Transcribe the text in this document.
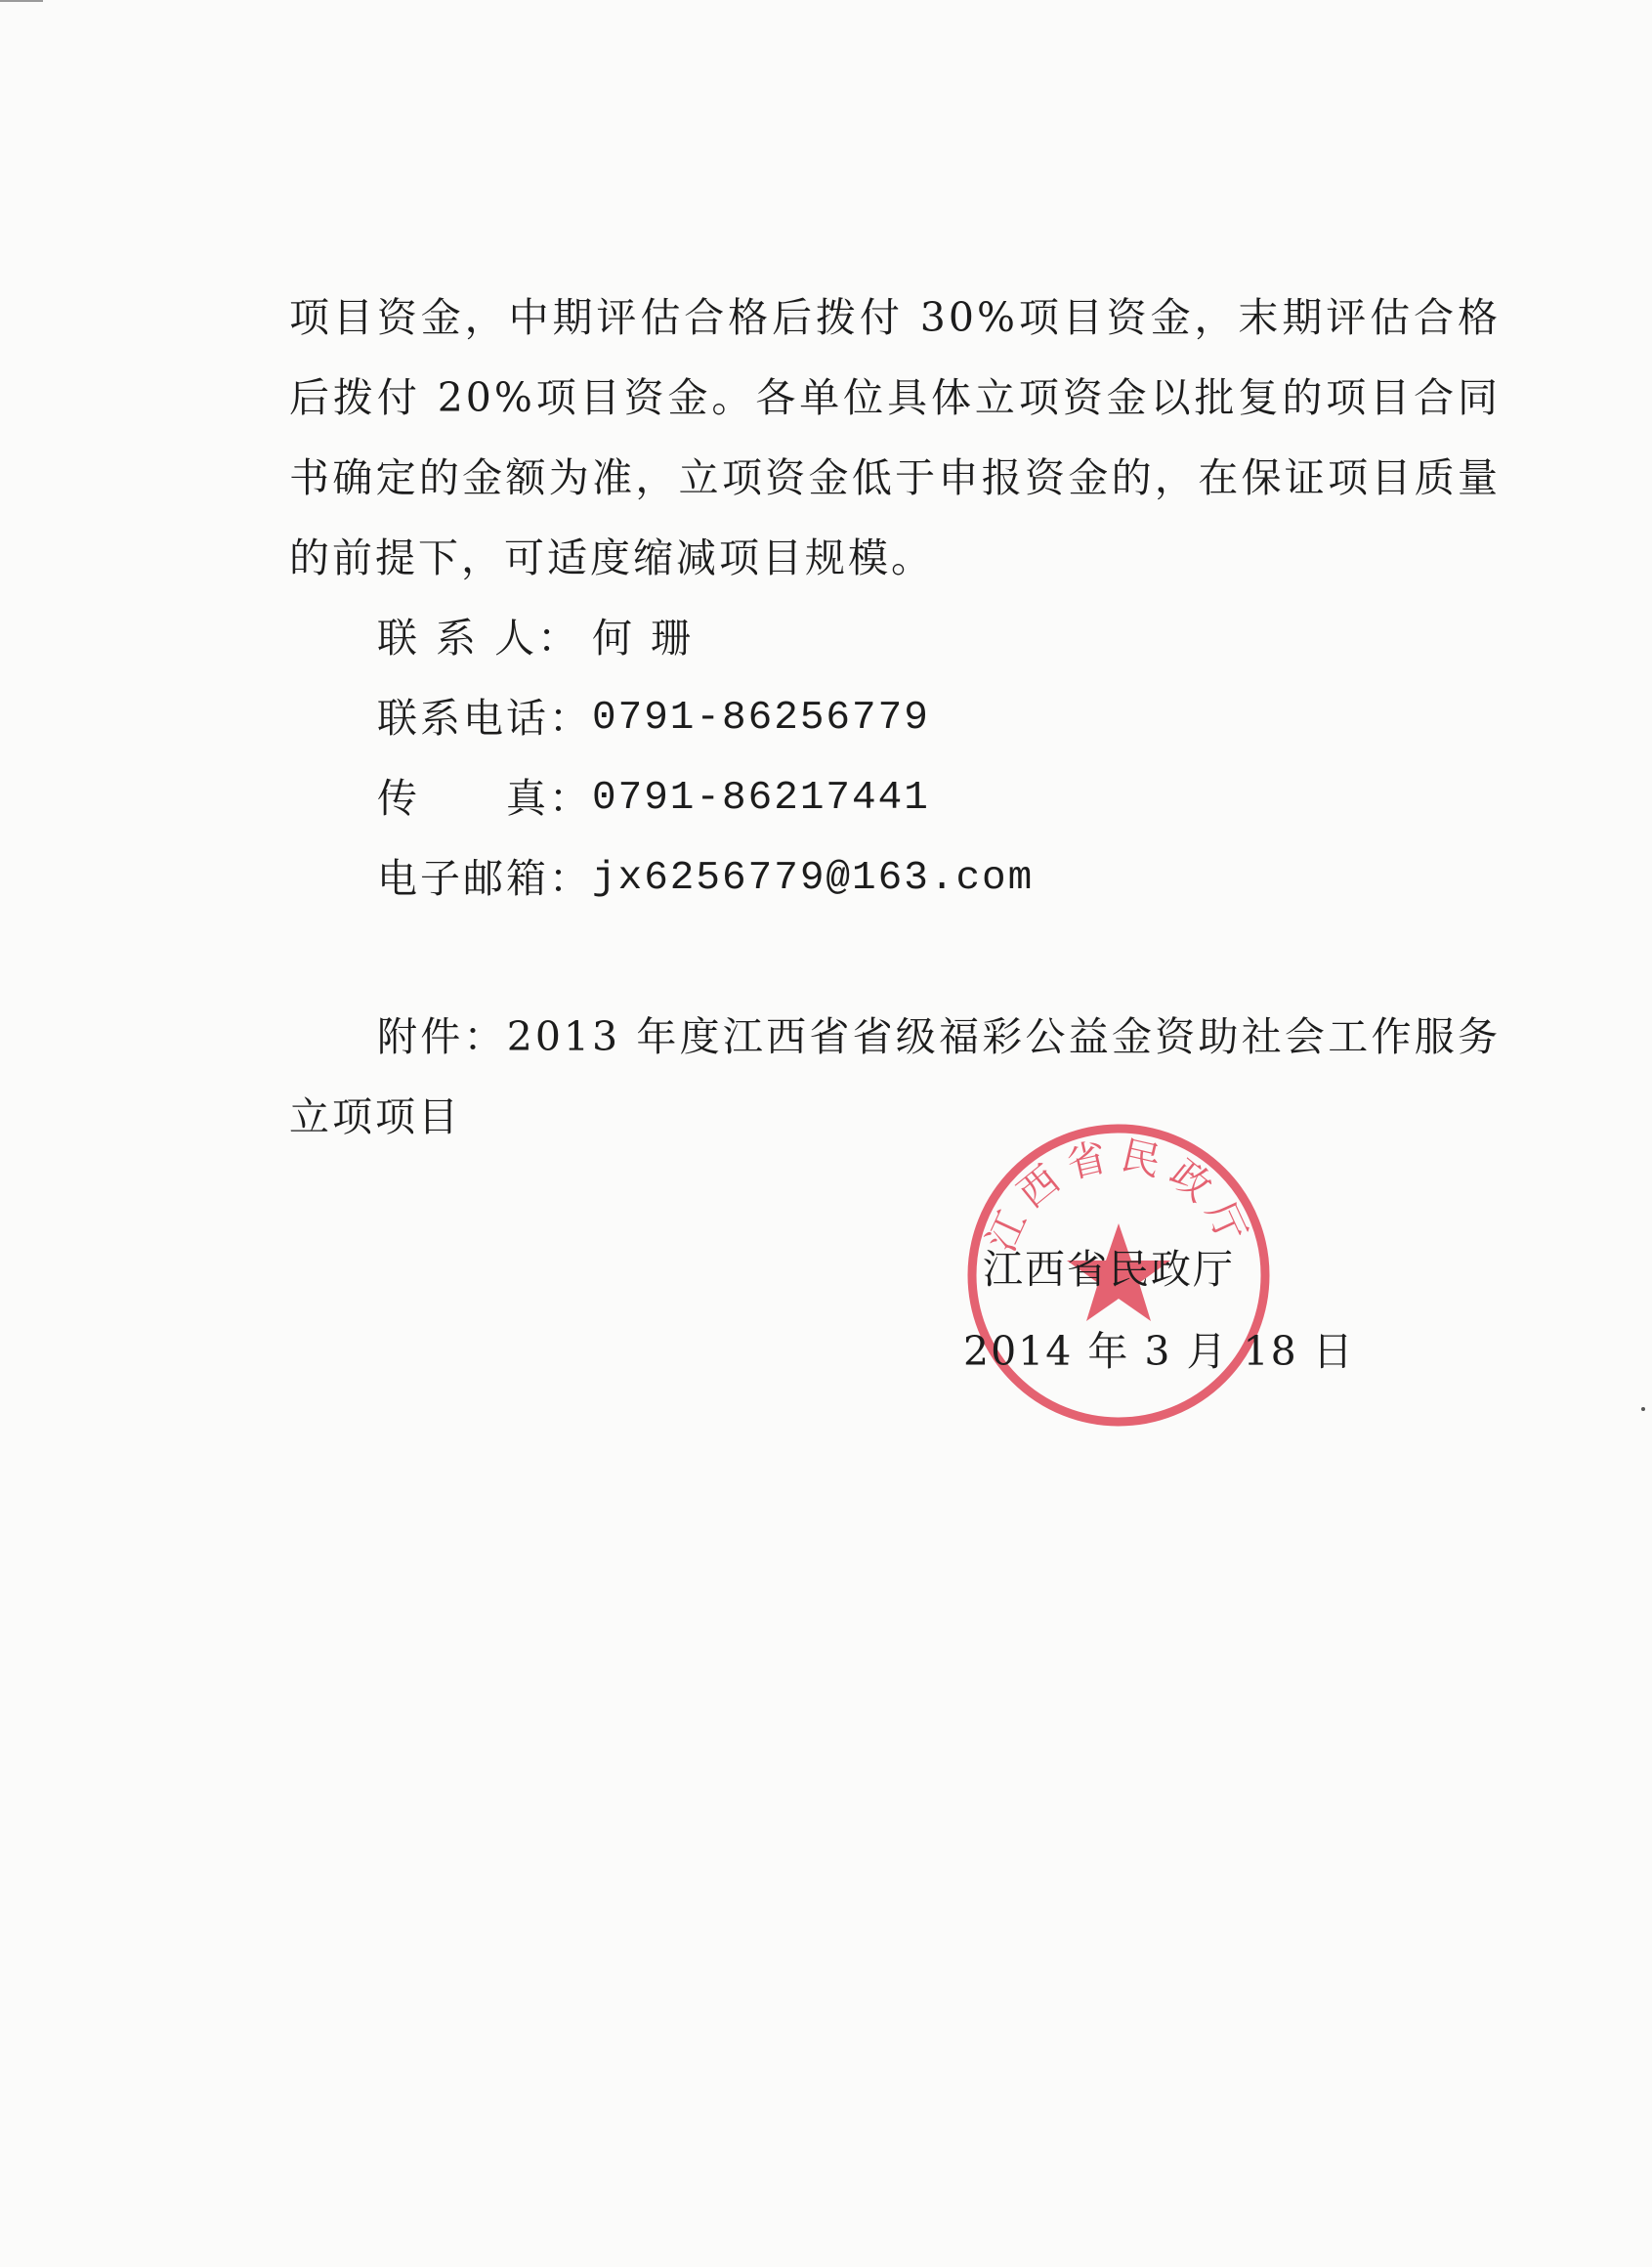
项目资金，中期评估合格后拨付 30%项目资金，末期评估合格后拨付 20%项目资金。各单位具体立项资金以批复的项目合同书确定的金额为准，立项资金低于申报资金的，在保证项目质量的前提下，可适度缩减项目规模。

联 系 人： 何 珊
联系电话： 0791-86256779
传　　真： 0791-86217441
电子邮箱： jx6256779@163.com

附件：2013 年度江西省省级福彩公益金资助社会工作服务立项项目

江西省民政厅
江西省民政厅
2014 年 3 月 18 日
